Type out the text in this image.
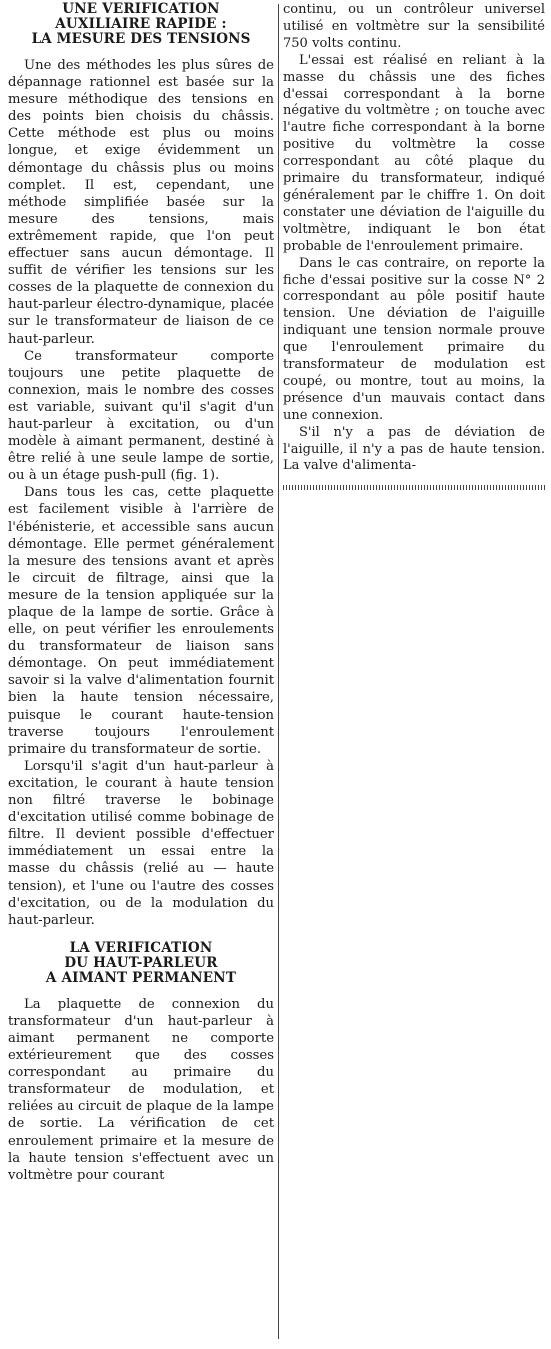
UNE VERIFICATION
AUXILIAIRE RAPIDE :
LA MESURE DES TENSIONS

Une des méthodes les plus sûres de dépannage rationnel est basée sur la mesure méthodique des tensions en des points bien choisis du châssis. Cette méthode est plus ou moins longue, et exige évidemment un démontage du châssis plus ou moins complet. Il est, cependant, une méthode simplifiée basée sur la mesure des tensions, mais extrêmement rapide, que l'on peut effectuer sans aucun démontage. Il suffit de vérifier les tensions sur les cosses de la plaquette de connexion du haut-parleur électro-dynamique, placée sur le transformateur de liaison de ce haut-parleur.

Ce transformateur comporte toujours une petite plaquette de connexion, mais le nombre des cosses est variable, suivant qu'il s'agit d'un haut-parleur à excitation, ou d'un modèle à aimant permanent, destiné à être relié à une seule lampe de sortie, ou à un étage push-pull (fig. 1).

Dans tous les cas, cette plaquette est facilement visible à l'arrière de l'ébénisterie, et accessible sans aucun démontage. Elle permet généralement la mesure des tensions avant et après le circuit de filtrage, ainsi que la mesure de la tension appliquée sur la plaque de la lampe de sortie. Grâce à elle, on peut vérifier les enroulements du transformateur de liaison sans démontage. On peut immédiatement savoir si la valve d'alimentation fournit bien la haute tension nécessaire, puisque le courant haute-tension traverse toujours l'enroulement primaire du transformateur de sortie.

Lorsqu'il s'agit d'un haut-parleur à excitation, le courant à haute tension non filtré traverse le bobinage d'excitation utilisé comme bobinage de filtre. Il devient possible d'effectuer immédiatement un essai entre la masse du châssis (relié au — haute tension), et l'une ou l'autre des cosses d'excitation, ou de la modulation du haut-parleur.

LA VERIFICATION
DU HAUT-PARLEUR
A AIMANT PERMANENT

La plaquette de connexion du transformateur d'un haut-parleur à aimant permanent ne comporte extérieurement que des cosses correspondant au primaire du transformateur de modulation, et reliées au circuit de plaque de la lampe de sortie. La vérification de cet enroulement primaire et la mesure de la haute tension s'effectuent avec un voltmètre pour courant

continu, ou un contrôleur universel utilisé en voltmètre sur la sensibilité 750 volts continu.

L'essai est réalisé en reliant à la masse du châssis une des fiches d'essai correspondant à la borne négative du voltmètre ; on touche avec l'autre fiche correspondant à la borne positive du voltmètre la cosse correspondant au côté plaque du primaire du transformateur, indiqué généralement par le chiffre 1. On doit constater une déviation de l'aiguille du voltmètre, indiquant le bon état probable de l'enroulement primaire.

Dans le cas contraire, on reporte la fiche d'essai positive sur la cosse N° 2 correspondant au pôle positif haute tension. Une déviation de l'aiguille indiquant une tension normale prouve que l'enroulement primaire du transformateur de modulation est coupé, ou montre, tout au moins, la présence d'un mauvais contact dans une connexion.

S'il n'y a pas de déviation de l'aiguille, il n'y a pas de haute tension. La valve d'alimenta-
